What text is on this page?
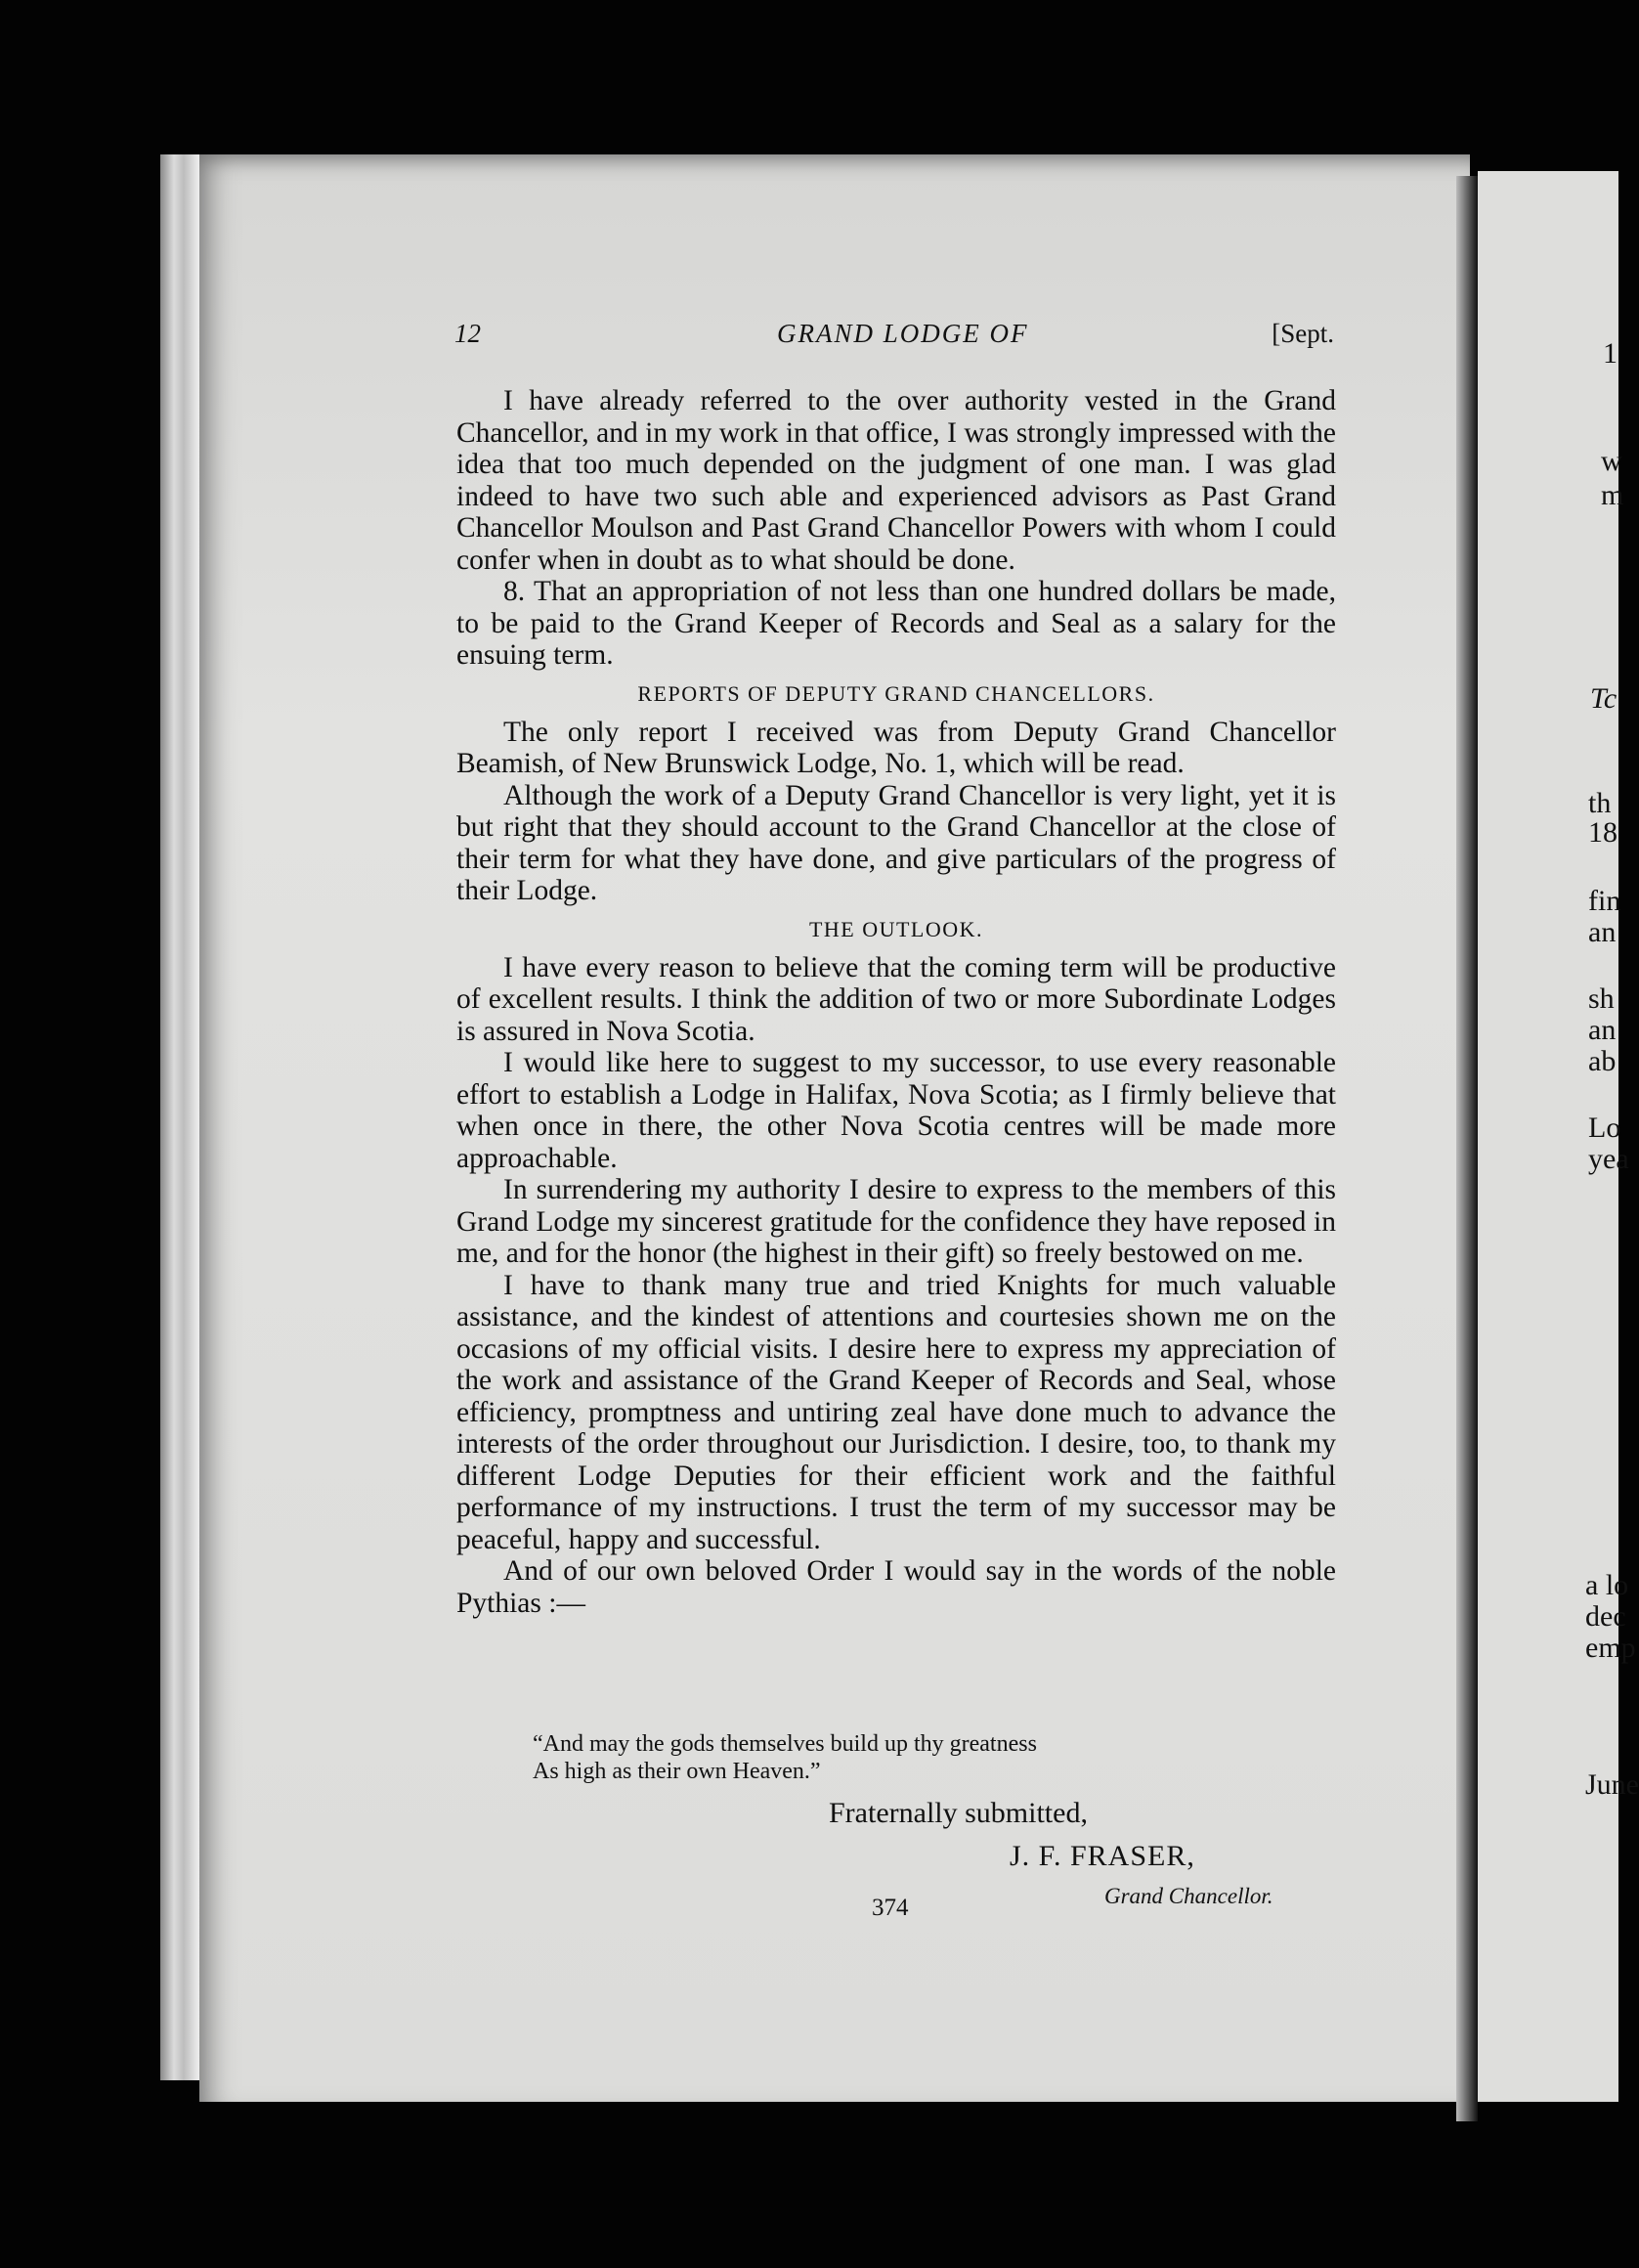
1
w
m
Tc
th
18
fin
an
sh
an
ab
Lo
yea
a lo
dec
emp
June
12	GRAND LODGE OF	[Sept.

I have already referred to the over authority vested in the Grand Chancellor, and in my work in that office, I was strongly impressed with the idea that too much depended on the judgment of one man. I was glad indeed to have two such able and experienced advisors as Past Grand Chancellor Moulson and Past Grand Chancellor Powers with whom I could confer when in doubt as to what should be done.

8. That an appropriation of not less than one hundred dollars be made, to be paid to the Grand Keeper of Records and Seal as a salary for the ensuing term.

REPORTS OF DEPUTY GRAND CHANCELLORS.

The only report I received was from Deputy Grand Chancellor Beamish, of New Brunswick Lodge, No. 1, which will be read.

Although the work of a Deputy Grand Chancellor is very light, yet it is but right that they should account to the Grand Chancellor at the close of their term for what they have done, and give particulars of the progress of their Lodge.

THE OUTLOOK.

I have every reason to believe that the coming term will be productive of excellent results. I think the addition of two or more Subordinate Lodges is assured in Nova Scotia.

I would like here to suggest to my successor, to use every reasonable effort to establish a Lodge in Halifax, Nova Scotia; as I firmly believe that when once in there, the other Nova Scotia centres will be made more approachable.

In surrendering my authority I desire to express to the members of this Grand Lodge my sincerest gratitude for the confidence they have reposed in me, and for the honor (the highest in their gift) so freely bestowed on me.

I have to thank many true and tried Knights for much valuable assistance, and the kindest of attentions and courtesies shown me on the occasions of my official visits. I desire here to express my appreciation of the work and assistance of the Grand Keeper of Records and Seal, whose efficiency, promptness and untiring zeal have done much to advance the interests of the order throughout our Jurisdiction. I desire, too, to thank my different Lodge Deputies for their efficient work and the faithful performance of my instructions. I trust the term of my successor may be peaceful, happy and successful.

And of our own beloved Order I would say in the words of the noble Pythias :—

“And may the gods themselves build up thy greatness
As high as their own Heaven.”
Fraternally submitted,
J. F. FRASER,
Grand Chancellor.
374
